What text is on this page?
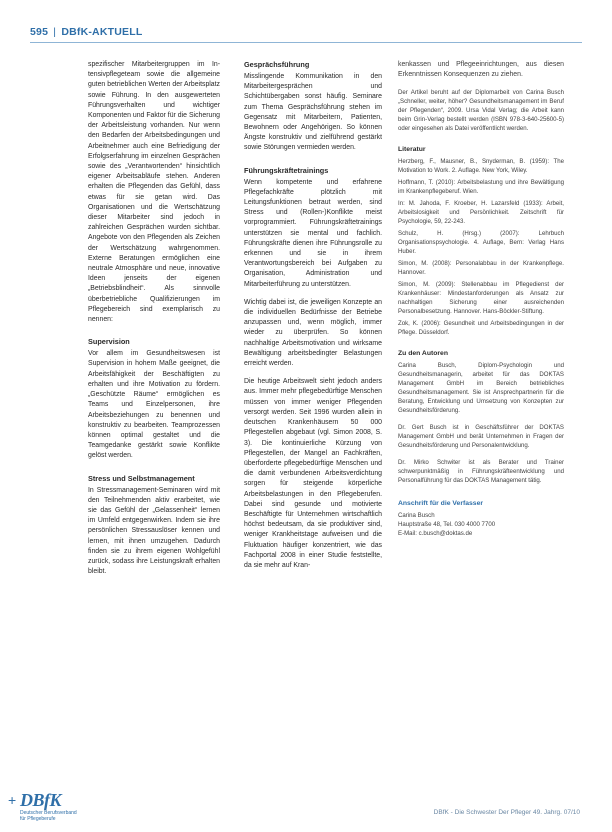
595 | DBfK-AKTUELL

spezifischer Mitarbeitergruppen im In-tensivpflegeteam sowie die allgemeine guten betrieblichen Werten der Arbeitsplatz sowie Führung. In den ausgewerteten Führungsverhalten und wichtiger Komponenten und Faktor für die Sicherung der Arbeitsleistung vorhanden. Nur wenn den Bedarfen der Arbeitsbedingungen und Arbeitnehmer auch eine Befriedigung der Erfolgserfahrung im einzelnen Gesprächen sowie des „Verantwortenden“ hinsichtlich eigener Arbeitsabläufe stehen. Anderen erhalten die Pflegenden das Gefühl, dass etwas für sie getan wird. Das Organisationen und die Wertschätzung dieser Mitarbeiter sind jedoch in zahlreichen Gesprächen wurden sichtbar. Angebote von den Pflegenden als Zeichen der Wertschätzung wahrgenommen. Externe Beratungen ermöglichen eine neutrale Atmosphäre und neue, innovative Ideen jenseits der eigenen „Betriebsblindheit“. Als sinnvolle überbetriebliche Qualifizierungen im Pflegebereich sind exemplarisch zu nennen:

Supervision

Vor allem im Gesundheitswesen ist Supervision in hohem Maße geeignet, die Arbeitsfähigkeit der Beschäftigten zu erhalten und ihre Motivation zu fördern. „Geschützte Räume“ ermöglichen es Teams und Einzelpersonen, ihre Arbeitsbeziehungen zu benennen und konstruktiv zu bearbeiten. Teamprozessen können optimal gestaltet und die Teamgedanke gestärkt sowie Konflikte gelöst werden.

Stress und Selbstmanagement

In Stressmanagement-Seminaren wird mit den Teilnehmenden aktiv erarbeitet, wie sie das Gefühl der „Gelassenheit“ lernen im Umfeld entgegenwirken. Indem sie ihre persönlichen Stressauslöser kennen und lernen, mit ihnen umzugehen. Dadurch finden sie zu ihrem eigenen Wohlgefühl zurück, sodass ihre Leistungskraft erhalten bleibt.

Gesprächsführung

Misslingende Kommunikation in den Mitarbeitergesprächen und Schichtübergaben sonst häufig. Seminare zum Thema Gesprächsführung stehen im Gegensatz mit Mitarbeitern, Patienten, Bewohnern oder Angehörigen. So können Ängste konstruktiv und zielführend gestärkt sowie Störungen vermieden werden.

Führungskräftetrainings

Wenn kompetente und erfahrene Pflegefachkräfte plötzlich mit Leitungsfunktionen betraut werden, sind Stress und (Rollen-)Konflikte meist vorprogrammiert. Führungskräftetrainings unterstützen sie mental und fachlich. Führungskräfte dienen ihre Führungsrolle zu erkennen und sie in ihrem Verantwortungsbereich bei Aufgaben zu Organisation, Administration und Mitarbeiterführung zu unterstützen.

Wichtig dabei ist, die jeweiligen Konzepte an die individuellen Bedürfnisse der Betriebe anzupassen und, wenn möglich, immer wieder zu überprüfen. So können nachhaltige Arbeitsmotivation und wirksame Bewältigung arbeitsbedingter Belastungen erreicht werden.

Die heutige Arbeitswelt sieht jedoch anders aus. Immer mehr pflegebedürftige Menschen müssen von immer weniger Pflegenden versorgt werden. Seit 1996 wurden allein in deutschen Krankenhäusern 50 000 Pflegestellen abgebaut (vgl. Simon 2008, S. 3). Die kontinuierliche Kürzung von Pflegestellen, der Mangel an Fachkräften, überforderte pflegebedürftige Menschen und die damit verbundenen Arbeitsverdichtung sorgen für steigende körperliche Arbeitsbelastungen in den Pflegeberufen. Dabei sind gesunde und motivierte Beschäftigte für Unternehmen wirtschaftlich höchst bedeutsam, da sie produktiver sind, weniger Krankheitstage aufweisen und die Fluktuation häufiger konzentriert, wie das Fachportal 2008 in einer Studie feststellte, da sie mehr auf Kran-

kenkassen und Pflegeeinrichtungen, aus diesen Erkenntnissen Konsequenzen zu ziehen.

Der Artikel beruht auf der Diplomarbeit von Carina Busch „Schneller, weiter, höher? Gesundheitsmanagement im Beruf der Pflegenden“, 2009. Ursa Vidal Verlag; die Arbeit kann beim Grin-Verlag bestellt werden (ISBN 978-3-640-25600-5) oder eingesehen als Datei veröffentlicht werden.

Literatur

Herzberg, F., Mausner, B., Snyderman, B. (1959): The Motivation to Work. 2. Auflage. New York, Wiley.

Hoffmann, T. (2010): Arbeitsbelastung und ihre Bewältigung im Krankenpflegeberuf. Wien.

In: M. Jahoda, F. Kroeber, H. Lazarsfeld (1933): Arbeit, Arbeitslosigkeit und Persönlichkeit. Zeitschrift für Psychologie, 59, 22-243.

Schulz, H. (Hrsg.) (2007): Lehrbuch Organisationspsychologie. 4. Auflage, Bern: Verlag Hans Huber.

Simon, M. (2008): Personalabbau in der Krankenpflege. Hannover.

Simon, M. (2009): Stellenabbau im Pflegedienst der Krankenhäuser: Mindestanforderungen als Ansatz zur nachhaltigen Sicherung einer ausreichenden Personalbesetzung. Hannover. Hans-Böckler-Stiftung.

Zok, K. (2006): Gesundheit und Arbeitsbedingungen in der Pflege. Düsseldorf.

Zu den Autoren

Carina Busch, Diplom-Psychologin und Gesundheitsmanagerin, arbeitet für das DOKTAS Management GmbH im Bereich betriebliches Gesundheitsmanagement. Sie ist Ansprechpartnerin für die Beratung, Entwicklung und Umsetzung von Konzepten zur Gesundheitsförderung.

Dr. Gert Busch ist in Geschäftsführer der DOKTAS Management GmbH und berät Unternehmen in Fragen der Gesundheitsförderung und Personalentwicklung.

Dr. Mirko Schwiter ist als Berater und Trainer schwerpunktmäßig in Führungskräfteentwicklung und Personalführung für das DOKTAS Management tätig.

Anschrift für die Verfasser

Carina Busch

Hauptstraße 48, Tel. 030 4000 7700

E-Mail: c.busch@doktas.de

+ DBfK
Deutscher Berufsverband
für Pflegeberufe
DBfK - Die Schwester Der Pfleger 49. Jahrg. 07/10
